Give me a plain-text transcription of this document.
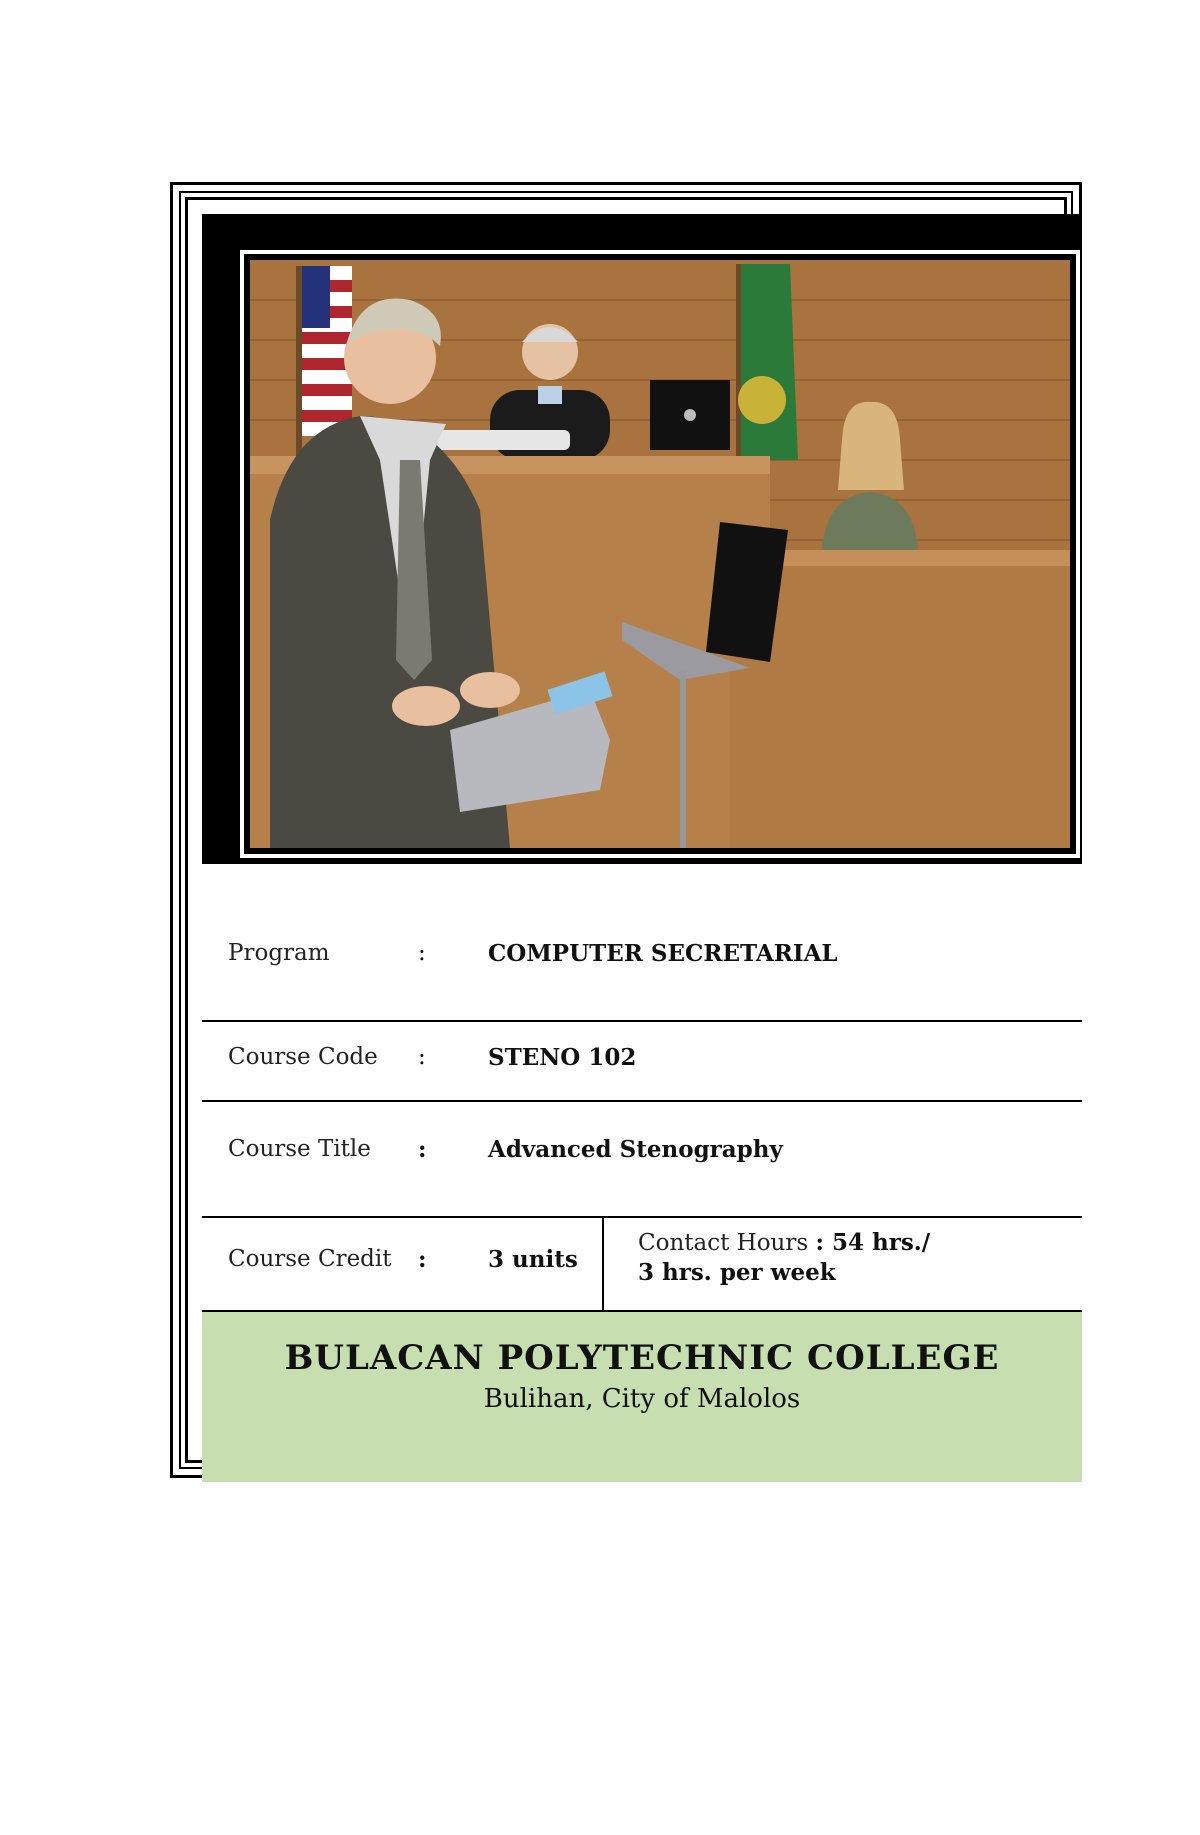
Program	:	COMPUTER SECRETARIAL
Course Code :	STENO 102
Course Title :	Advanced Stenography
Course Credit :	3 units
Contact Hours : 54 hrs./
3 hrs. per week
BULACAN POLYTECHNIC COLLEGE
Bulihan, City of Malolos
